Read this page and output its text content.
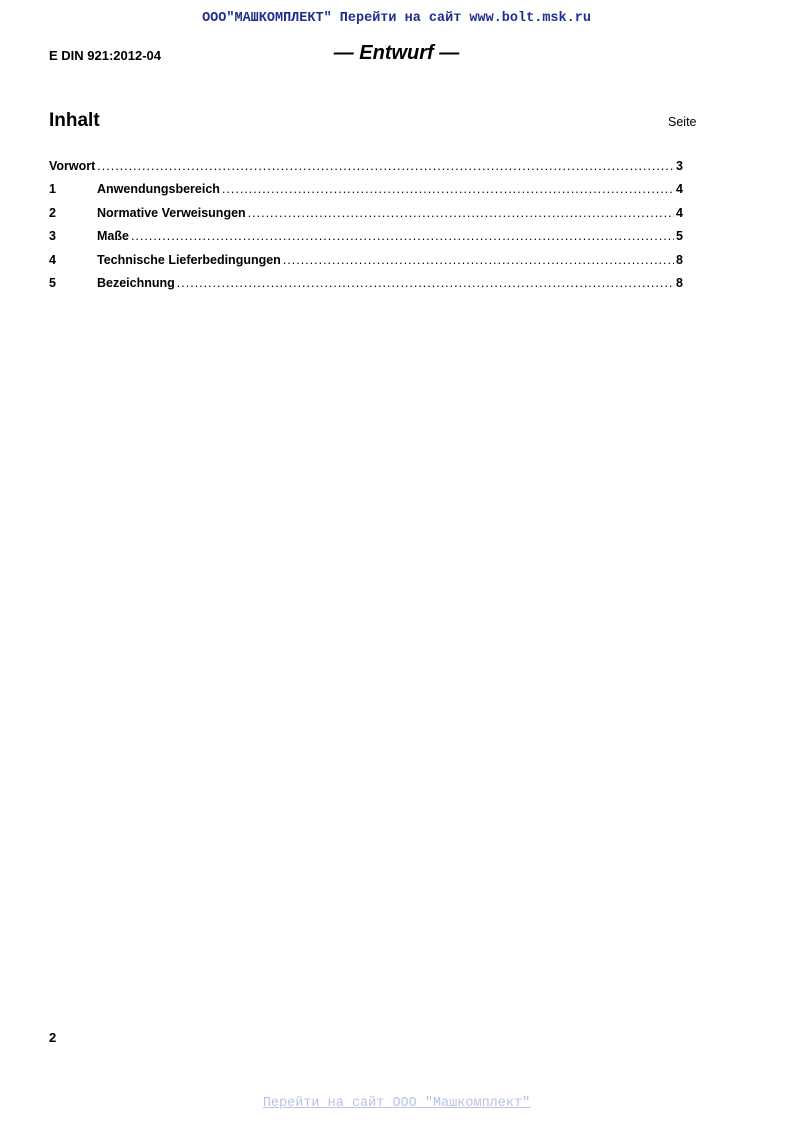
ООО"МАШКОМПЛЕКТ" Перейти на сайт www.bolt.msk.ru
E DIN 921:2012-04	— Entwurf —
Inhalt	Seite
Vorwort .....	3
1	Anwendungsbereich .....	4
2	Normative Verweisungen .....	4
3	Maße .....	5
4	Technische Lieferbedingungen .....	8
5	Bezeichnung .....	8
2
Перейти на сайт ООО "Машкомплект"
